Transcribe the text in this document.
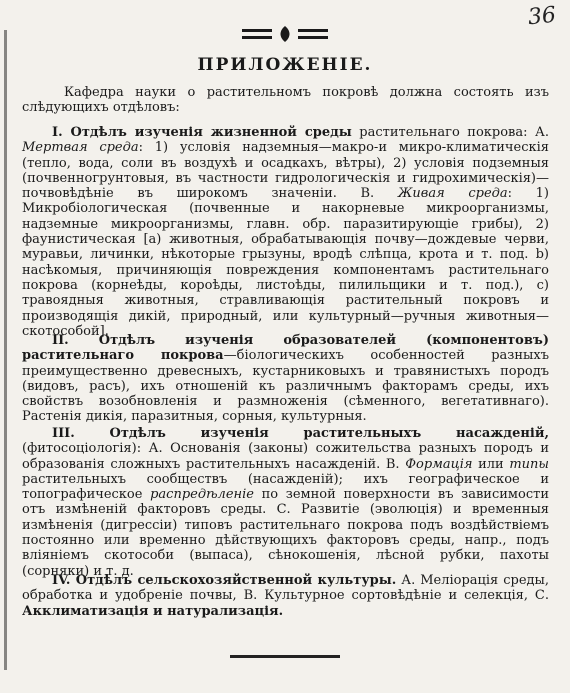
36
ПРИЛОЖЕНІЕ.
Кафедра науки о растительномъ покровѣ должна состоять изъ слѣдующихъ отдѣловъ:
I. Отдѣлъ изученія жизненной среды растительнаго покрова: А. Мертвая среда: 1) условія надземныя—макро-и микро-климатическія (тепло, вода, соли въ воздухѣ и осадкахъ, вѣтры), 2) условія подземныя (почвенногрунтовыя, въ частности гидрологическія и гидрохимическія)—почвовѣдѣніе въ широкомъ значеніи. В. Живая среда: 1) Микробіологическая (почвенные и накорневые микроорганизмы, надземные микроорганизмы, главн. обр. паразитирующіе грибы), 2) фаунистическая [а) животныя, обрабатывающія почву—дождевые черви, муравьи, личинки, нѣкоторые грызуны, вродѣ слѣпца, крота и т. под. b) насѣкомыя, причиняющія повреждения компонентамъ растительнаго покрова (корнеѣды, короѣды, листоѣды, пилильщики и т. под.), с) травоядныя животныя, стравливающія растительный покровъ и производящія дикій, природный, или культурный—ручныя животныя—скотособой].
II. Отдѣлъ изученія образователей (компонентовъ) растительнаго покрова—біологическихъ особенностей разныхъ преимущественно древесныхъ, кустарниковыхъ и травянистыхъ породъ (видовъ, расъ), ихъ отношеній къ различнымъ факторамъ среды, ихъ свойствъ возобновленія и размноженія (сѣменного, вегетативнаго). Растенія дикія, паразитныя, сорныя, культурныя.
III. Отдѣлъ изученія растительныхъ насажденій, (фитосоціологія): А. Основанія (законы) сожительства разныхъ породъ и образованія сложныхъ растительныхъ насажденій. В. Формація или типы растительныхъ сообществъ (насажденій); ихъ географическое и топографическое распредѣленіе по земной поверхности въ зависимости отъ измѣненій факторовъ среды. С. Развитіе (эволюція) и временныя измѣненія (дигрессіи) типовъ растительнаго покрова подъ воздѣйствіемъ постоянно или временно дѣйствующихъ факторовъ среды, напр., подъ вліяніемъ скотособи (выпаса), сѣнокошенія, лѣсной рубки, пахоты (сорняки) и т. д.
IV. Отдѣлъ сельскохозяйственной культуры. А. Меліорація среды, обработка и удобреніе почвы, В. Культурное сортовѣдѣніе и селекція, С. Акклиматизація и натурализація.
